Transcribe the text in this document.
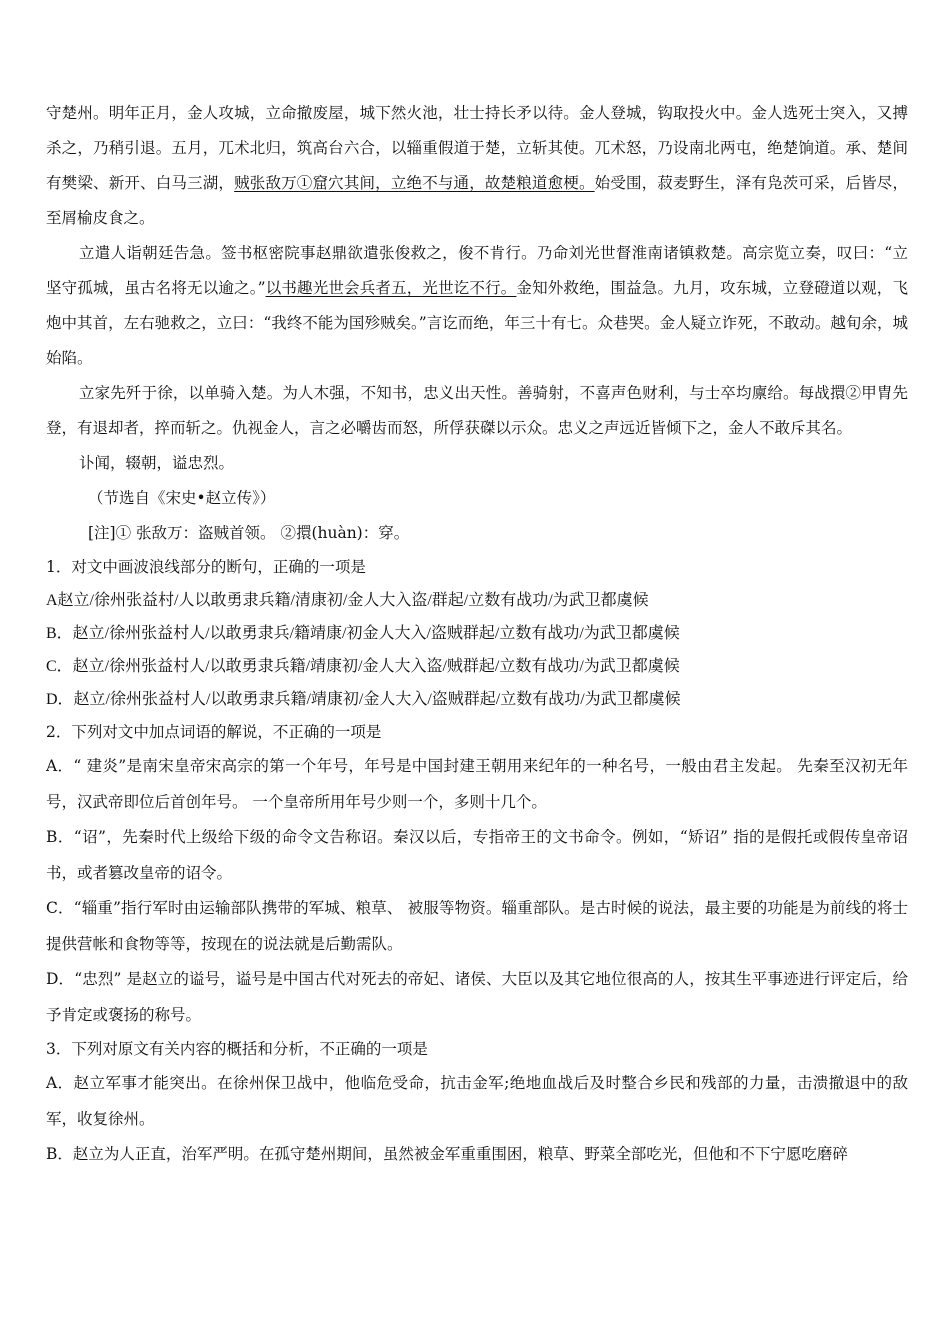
守楚州。明年正月，金人攻城，立命撤废屋，城下然火池，壮士持长矛以待。金人登城，钩取投火中。金人选死士突入，又搏杀之，乃稍引退。五月，兀术北归，筑高台六合，以辎重假道于楚，立斩其使。兀术怒，乃设南北两屯，绝楚饷道。承、楚间有樊梁、新开、白马三湖，贼张敌万①窟穴其间，立绝不与通，故楚粮道愈梗。始受围，菽麦野生，泽有凫茨可采，后皆尽，至屑榆皮食之。

立遣人诣朝廷告急。签书枢密院事赵鼎欲遣张俊救之，俊不肯行。乃命刘光世督淮南诸镇救楚。高宗览立奏，叹曰：“立坚守孤城，虽古名将无以逾之。”以书趣光世会兵者五，光世讫不行。金知外救绝，围益急。九月，攻东城，立登磴道以观，飞炮中其首，左右驰救之，立曰：“我终不能为国殄贼矣。”言讫而绝，年三十有七。众巷哭。金人疑立诈死，不敢动。越旬余，城始陷。

立家先歼于徐，以单骑入楚。为人木强，不知书，忠义出天性。善骑射，不喜声色财利，与士卒均廪给。每战擐②甲胄先登，有退却者，捽而斩之。仇视金人，言之必嚼齿而怒，所俘获磔以示众。忠义之声远近皆倾下之，金人不敢斥其名。

讣闻，辍朝，谥忠烈。

（节选自《宋史•赵立传》）

[注]① 张敌万：盗贼首领。 ②擐(huàn)：穿。

1．对文中画波浪线部分的断句，正确的一项是

A赵立/徐州张益村/人以敢勇隶兵籍/清康初/金人大入盗/群起/立数有战功/为武卫都虞候

B．赵立/徐州张益村人/以敢勇隶兵/籍靖康/初金人大入/盗贼群起/立数有战功/为武卫都虞候

C．赵立/徐州张益村人/以敢勇隶兵籍/靖康初/金人大入盗/贼群起/立数有战功/为武卫都虞候

D．赵立/徐州张益村人/以敢勇隶兵籍/靖康初/金人大入/盗贼群起/立数有战功/为武卫都虞候

2．下列对文中加点词语的解说，不正确的一项是

A．“ 建炎”是南宋皇帝宋高宗的第一个年号，年号是中国封建王朝用来纪年的一种名号，一般由君主发起。 先秦至汉初无年号，汉武帝即位后首创年号。 一个皇帝所用年号少则一个，多则十几个。

B．“诏”，先秦时代上级给下级的命令文告称诏。秦汉以后，专指帝王的文书命令。例如，“矫诏” 指的是假托或假传皇帝诏书，或者篡改皇帝的诏令。

C．“辎重”指行军时由运输部队携带的军城、粮草、 被服等物资。辎重部队。是古时候的说法，最主要的功能是为前线的将士提供营帐和食物等等，按现在的说法就是后勤需队。

D．“忠烈” 是赵立的谥号，谥号是中国古代对死去的帝妃、诸侯、大臣以及其它地位很高的人，按其生平事迹进行评定后，给予肯定或褒扬的称号。

3．下列对原文有关内容的概括和分析，不正确的一项是

A．赵立军事才能突出。在徐州保卫战中，他临危受命，抗击金军;绝地血战后及时整合乡民和残部的力量，击溃撤退中的敌军，收复徐州。

B．赵立为人正直，治军严明。在孤守楚州期间，虽然被金军重重围困，粮草、野菜全部吃光，但他和不下宁愿吃磨碎
